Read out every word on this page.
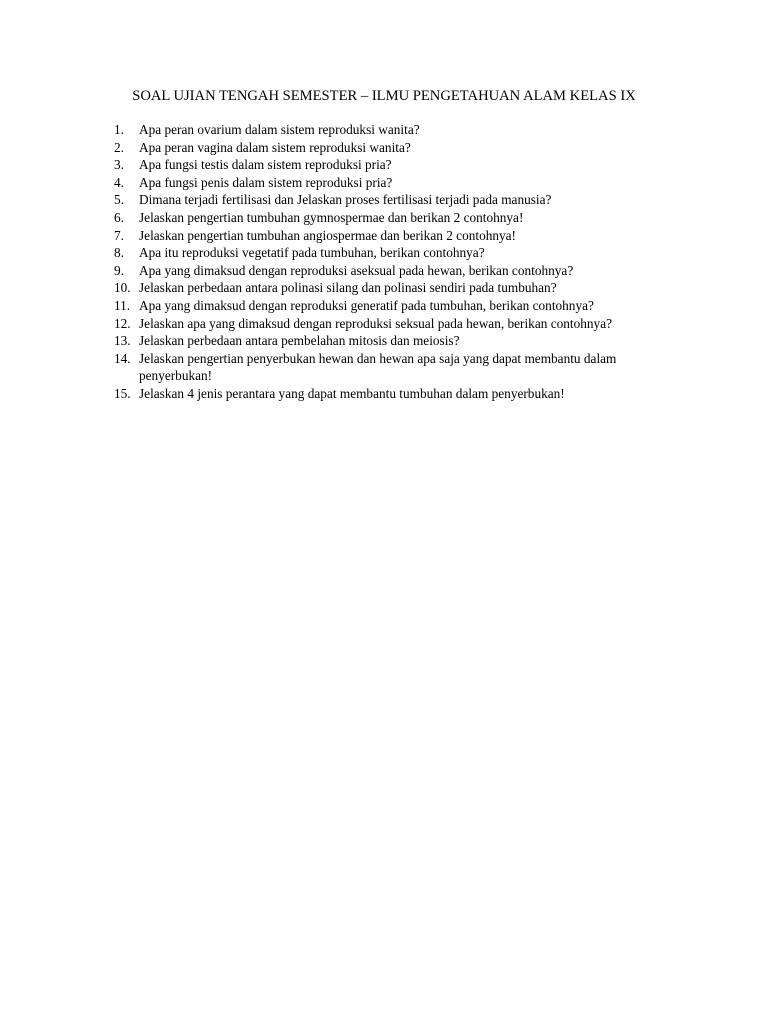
SOAL UJIAN TENGAH SEMESTER – ILMU PENGETAHUAN ALAM KELAS IX
1.	Apa peran ovarium dalam sistem reproduksi wanita?
2.	Apa peran vagina dalam sistem reproduksi wanita?
3.	Apa fungsi testis dalam sistem reproduksi pria?
4.	Apa fungsi penis dalam sistem reproduksi pria?
5.	Dimana terjadi fertilisasi dan Jelaskan proses fertilisasi terjadi pada manusia?
6.	Jelaskan pengertian tumbuhan gymnospermae dan berikan 2 contohnya!
7.	Jelaskan pengertian tumbuhan angiospermae dan berikan 2 contohnya!
8.	Apa itu reproduksi vegetatif pada tumbuhan, berikan contohnya?
9.	Apa yang dimaksud dengan reproduksi aseksual pada hewan, berikan contohnya?
10. Jelaskan perbedaan antara polinasi silang dan polinasi sendiri pada tumbuhan?
11. Apa yang dimaksud dengan reproduksi generatif pada tumbuhan, berikan contohnya?
12. Jelaskan apa yang dimaksud dengan reproduksi seksual pada hewan, berikan contohnya?
13. Jelaskan perbedaan antara pembelahan mitosis dan meiosis?
14. Jelaskan pengertian penyerbukan hewan dan hewan apa saja yang dapat membantu dalam penyerbukan!
15. Jelaskan 4 jenis perantara yang dapat membantu tumbuhan dalam penyerbukan!
